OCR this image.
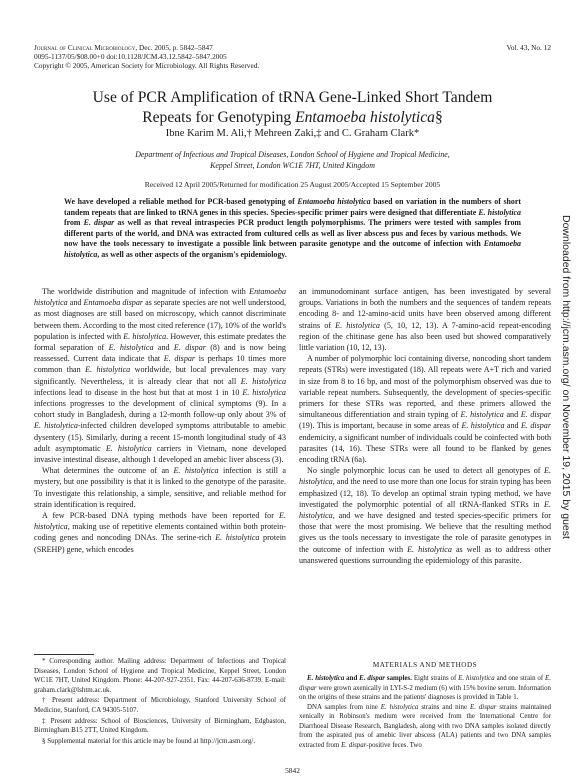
Journal of Clinical Microbiology, Dec. 2005, p. 5842–5847
0095-1137/05/$08.00+0 doi:10.1128/JCM.43.12.5842–5847.2005
Copyright © 2005, American Society for Microbiology. All Rights Reserved.
Vol. 43, No. 12
Use of PCR Amplification of tRNA Gene-Linked Short Tandem
Repeats for Genotyping Entamoeba histolytica§
Ibne Karim M. Ali,† Mehreen Zaki,‡ and C. Graham Clark*
Department of Infectious and Tropical Diseases, London School of Hygiene and Tropical Medicine,
Keppel Street, London WC1E 7HT, United Kingdom
Received 12 April 2005/Returned for modification 25 August 2005/Accepted 15 September 2005
We have developed a reliable method for PCR-based genotyping of Entamoeba histolytica based on variation in the numbers of short tandem repeats that are linked to tRNA genes in this species. Species-specific primer pairs were designed that differentiate E. histolytica from E. dispar as well as that reveal intraspecies PCR product length polymorphisms. The primers were tested with samples from different parts of the world, and DNA was extracted from cultured cells as well as liver abscess pus and feces by various methods. We now have the tools necessary to investigate a possible link between parasite genotype and the outcome of infection with Entamoeba histolytica, as well as other aspects of the organism's epidemiology.

The worldwide distribution and magnitude of infection with Entamoeba histolytica and Entamoeba dispar as separate species are not well understood, as most diagnoses are still based on microscopy, which cannot discriminate between them. According to the most cited reference (17), 10% of the world's population is infected with E. histolytica. However, this estimate predates the formal separation of E. histolytica and E. dispar (8) and is now being reassessed. Current data indicate that E. dispar is perhaps 10 times more common than E. histolytica worldwide, but local prevalences may vary significantly. Nevertheless, it is already clear that not all E. histolytica infections lead to disease in the host but that at most 1 in 10 E. histolytica infections progresses to the development of clinical symptoms (9). In a cohort study in Bangladesh, during a 12-month follow-up only about 3% of E. histolytica-infected children developed symptoms attributable to amebic dysentery (15). Similarly, during a recent 15-month longitudinal study of 43 adult asymptomatic E. histolytica carriers in Vietnam, none developed invasive intestinal disease, although 1 developed an amebic liver abscess (3).

What determines the outcome of an E. histolytica infection is still a mystery, but one possibility is that it is linked to the genotype of the parasite. To investigate this relationship, a simple, sensitive, and reliable method for strain identification is required.

A few PCR-based DNA typing methods have been reported for E. histolytica, making use of repetitive elements contained within both protein-coding genes and noncoding DNAs. The serine-rich E. histolytica protein (SREHP) gene, which encodes

an immunodominant surface antigen, has been investigated by several groups. Variations in both the numbers and the sequences of tandem repeats encoding 8- and 12-amino-acid units have been observed among different strains of E. histolytica (5, 10, 12, 13). A 7-amino-acid repeat-encoding region of the chitinase gene has also been used but showed comparatively little variation (10, 12, 13).

A number of polymorphic loci containing diverse, noncoding short tandem repeats (STRs) were investigated (18). All repeats were A+T rich and varied in size from 8 to 16 bp, and most of the polymorphism observed was due to variable repeat numbers. Subsequently, the development of species-specific primers for these STRs was reported, and these primers allowed the simultaneous differentiation and strain typing of E. histolytica and E. dispar (19). This is important, because in some areas of E. histolytica and E. dispar endemicity, a significant number of individuals could be coinfected with both parasites (14, 16). These STRs were all found to be flanked by genes encoding tRNA (6a).

No single polymorphic locus can be used to detect all genotypes of E. histolytica, and the need to use more than one locus for strain typing has been emphasized (12, 18). To develop an optimal strain typing method, we have investigated the polymorphic potential of all tRNA-flanked STRs in E. histolytica, and we have designed and tested species-specific primers for those that were the most promising. We believe that the resulting method gives us the tools necessary to investigate the role of parasite genotypes in the outcome of infection with E. histolytica as well as to address other unanswered questions surrounding the epidemiology of this parasite.

* Corresponding author. Mailing address: Department of Infectious and Tropical Diseases, London School of Hygiene and Tropical Medicine, Keppel Street, London WC1E 7HT, United Kingdom. Phone: 44-207-927-2351. Fax: 44-207-636-8739. E-mail: graham.clark@lshtm.ac.uk.

† Present address: Department of Microbiology, Stanford University School of Medicine, Stanford, CA 94305-5107.

‡ Present address: School of Biosciences, University of Birmingham, Edgbaston, Birmingham B15 2TT, United Kingdom.

§ Supplemental material for this article may be found at http://jcm.asm.org/.

MATERIALS AND METHODS

E. histolytica and E. dispar samples. Eight strains of E. histolytica and one strain of E. dispar were grown axenically in LYI-S-2 medium (6) with 15% bovine serum. Information on the origins of these strains and the patients' diagnoses is provided in Table 1.

DNA samples from nine E. histolytica strains and nine E. dispar strains maintained xenically in Robinson's medium were received from the International Centre for Diarrhoeal Disease Research, Bangladesh, along with two DNA samples isolated directly from the aspirated pus of amebic liver abscess (ALA) patients and two DNA samples extracted from E. dispar-positive feces. Two

5842
Downloaded from http://jcm.asm.org/ on November 19, 2015 by guest
